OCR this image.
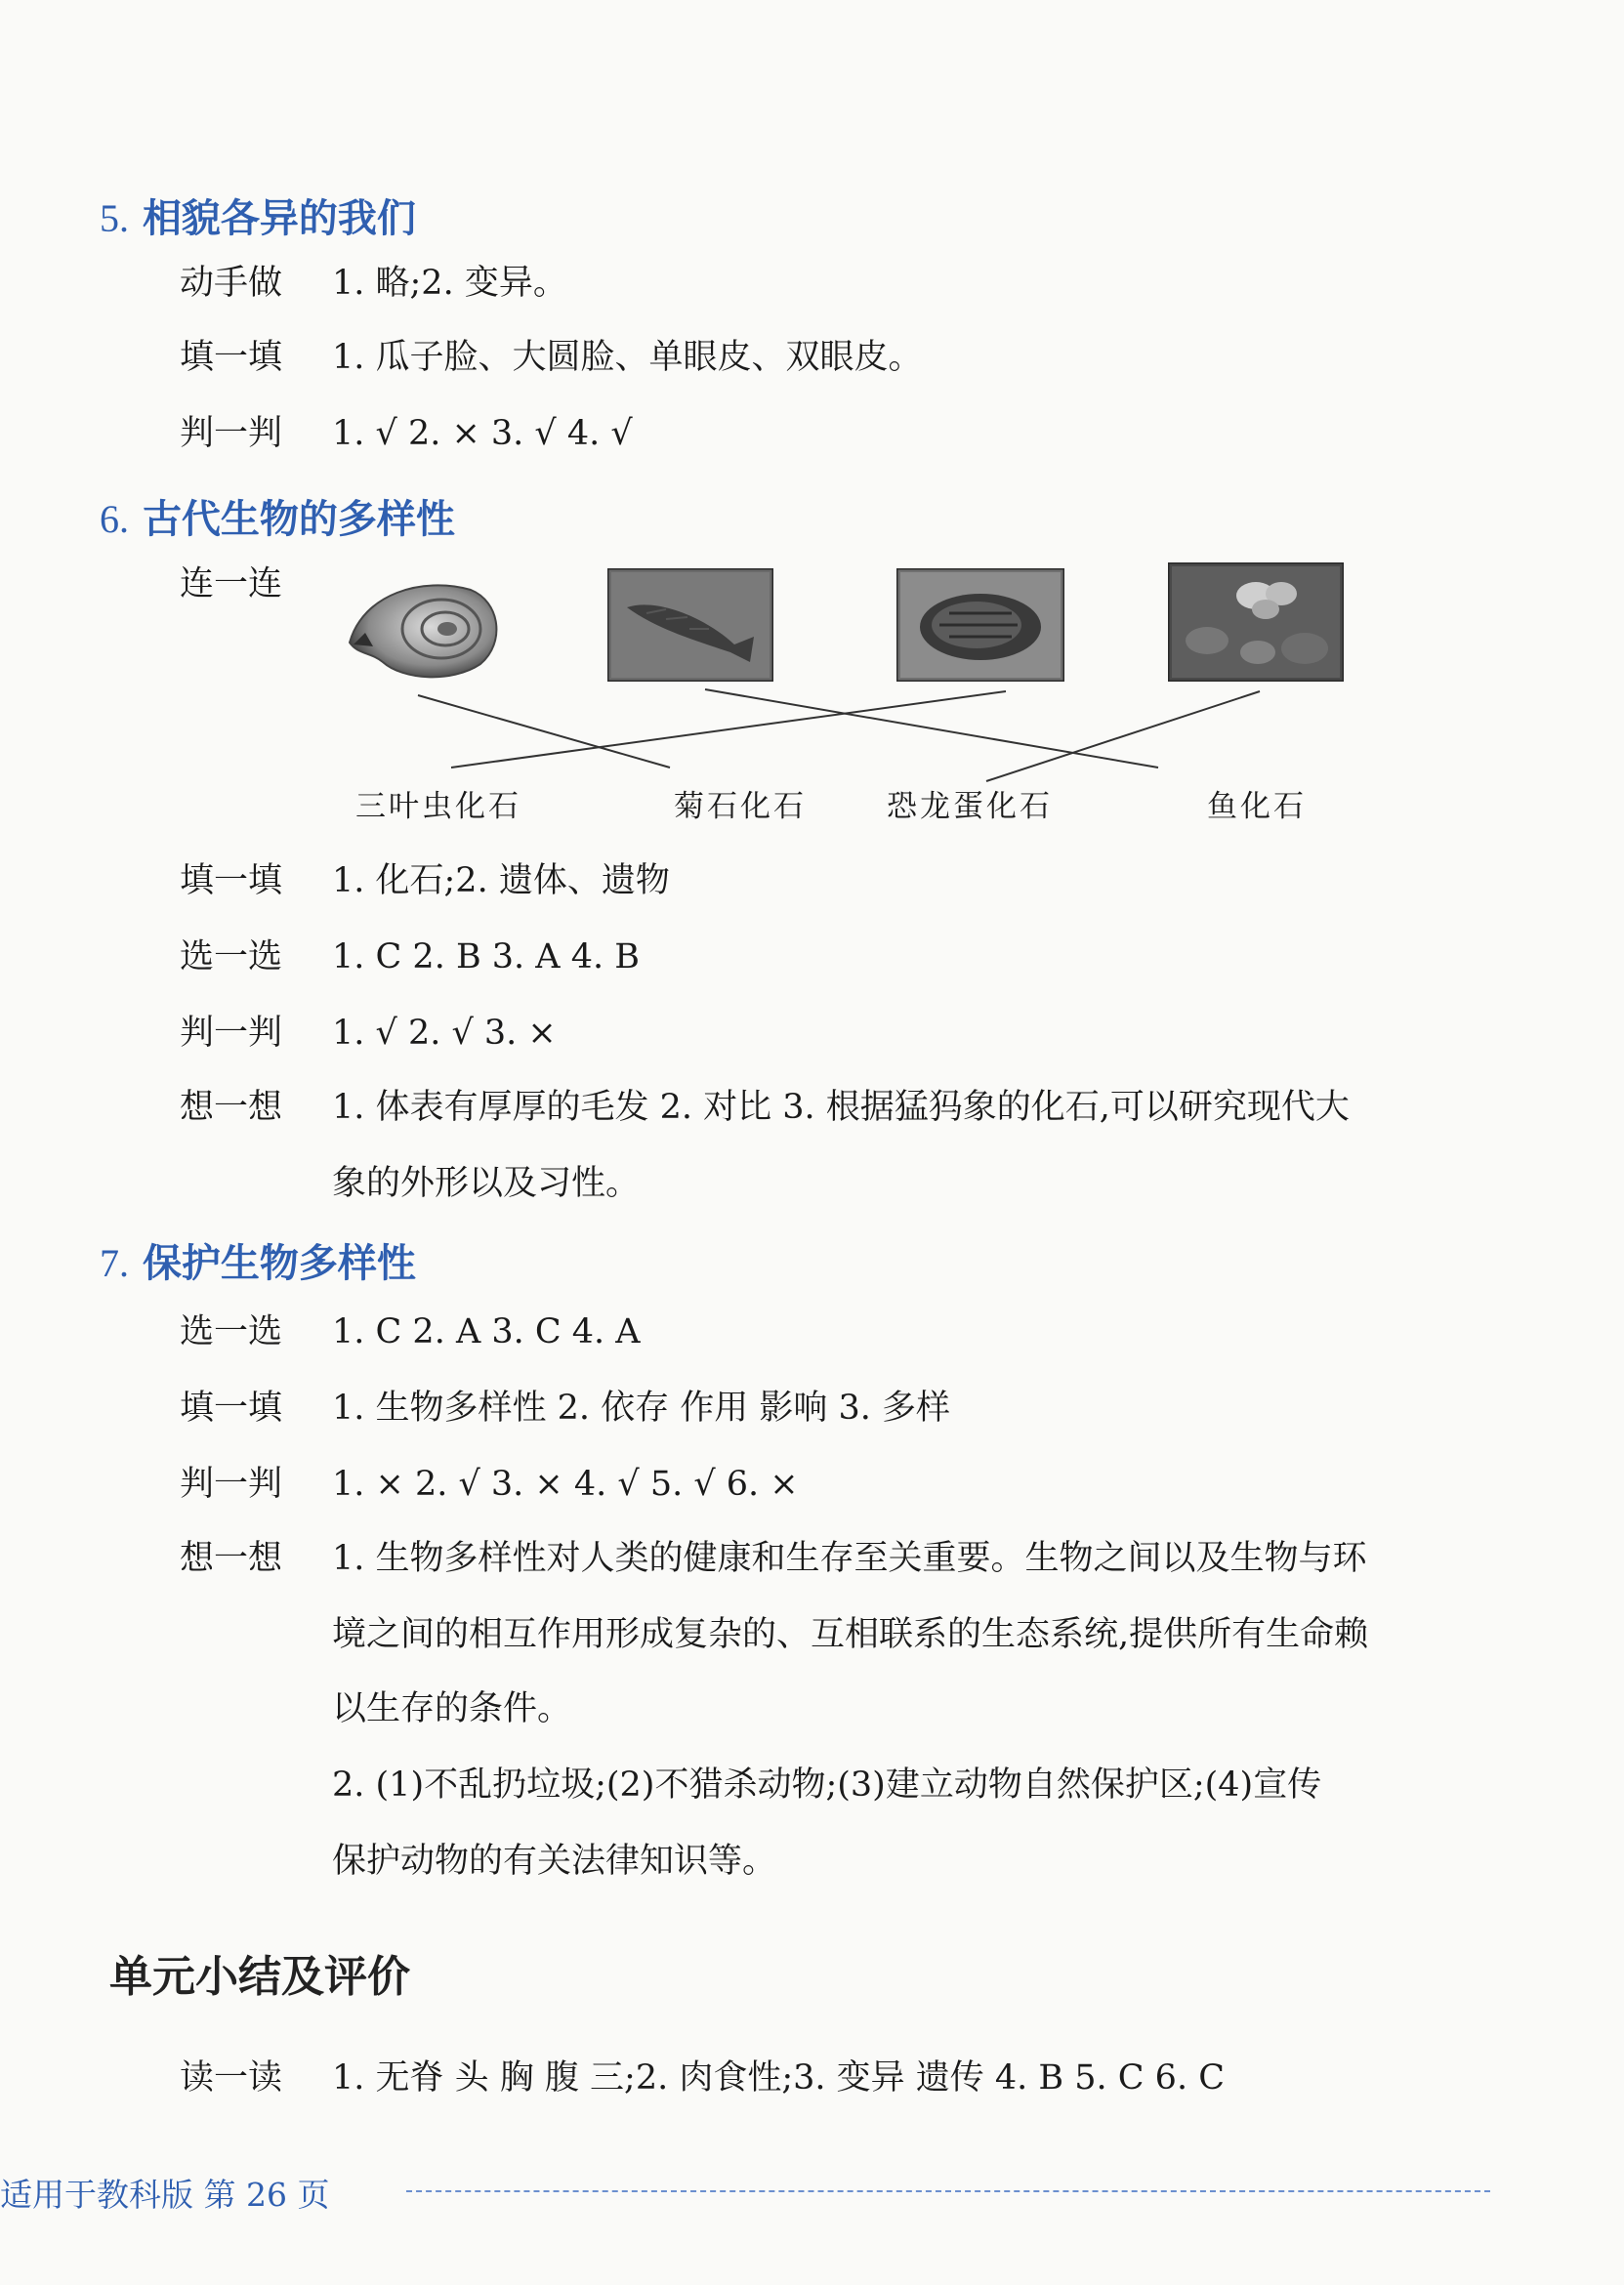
5. 相貌各异的我们
动手做 1. 略;2. 变异。
填一填 1. 瓜子脸、大圆脸、单眼皮、双眼皮。
判一判 1. √ 2. × 3. √ 4. √
6. 古代生物的多样性
连一连
三叶虫化石	菊石化石	恐龙蛋化石	鱼化石
填一填 1. 化石;2. 遗体、遗物
选一选 1. C 2. B 3. A 4. B
判一判 1. √ 2. √ 3. ×
想一想 1. 体表有厚厚的毛发 2. 对比 3. 根据猛犸象的化石,可以研究现代大
象的外形以及习性。
7. 保护生物多样性
选一选 1. C 2. A 3. C 4. A
填一填 1. 生物多样性 2. 依存 作用 影响 3. 多样
判一判 1. × 2. √ 3. × 4. √ 5. √ 6. ×
想一想 1. 生物多样性对人类的健康和生存至关重要。生物之间以及生物与环
境之间的相互作用形成复杂的、互相联系的生态系统,提供所有生命赖
以生存的条件。
2. (1)不乱扔垃圾;(2)不猎杀动物;(3)建立动物自然保护区;(4)宣传
保护动物的有关法律知识等。
单元小结及评价
读一读 1. 无脊 头 胸 腹 三;2. 肉食性;3. 变异 遗传 4. B 5. C 6. C
适用于教科版 第 26 页
